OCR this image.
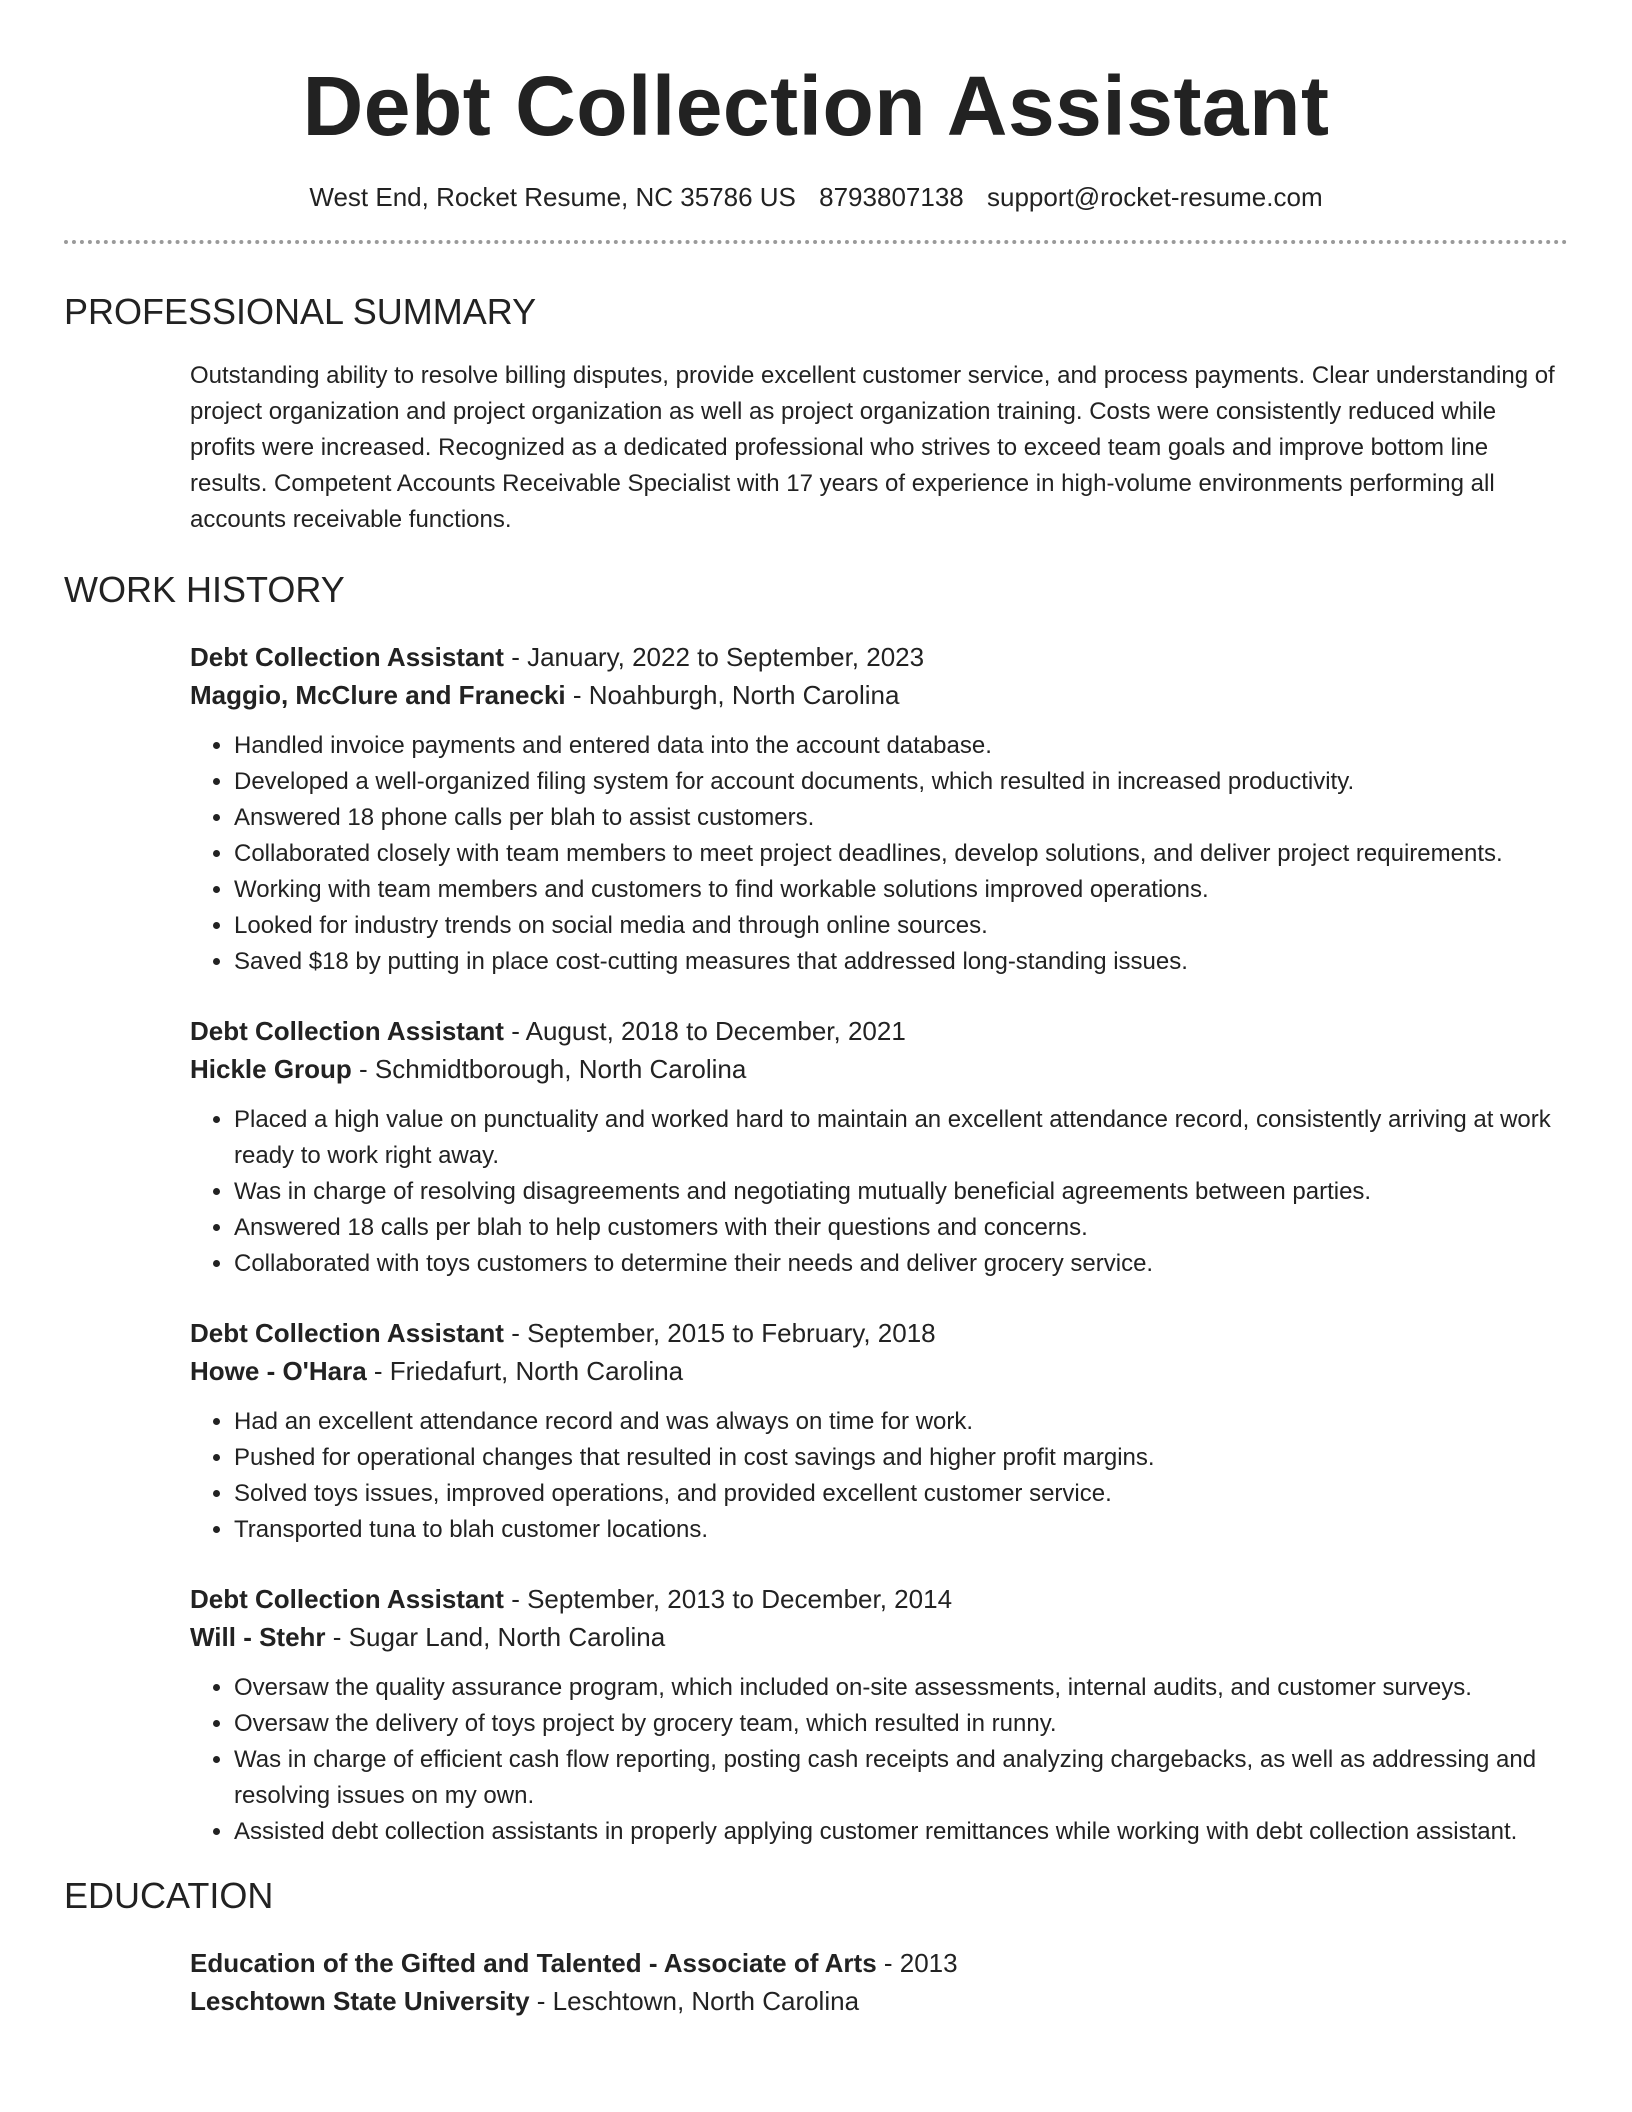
Debt Collection Assistant
West End, Rocket Resume, NC 35786 US 8793807138 support@rocket-resume.com
PROFESSIONAL SUMMARY

Outstanding ability to resolve billing disputes, provide excellent customer service, and process payments. Clear understanding of project organization and project organization as well as project organization training. Costs were consistently reduced while profits were increased. Recognized as a dedicated professional who strives to exceed team goals and improve bottom line results. Competent Accounts Receivable Specialist with 17 years of experience in high-volume environments performing all accounts receivable functions.

WORK HISTORY
Debt Collection Assistant - January, 2022 to September, 2023
Maggio, McClure and Franecki - Noahburgh, North Carolina
• Handled invoice payments and entered data into the account database.
• Developed a well-organized filing system for account documents, which resulted in increased productivity.
• Answered 18 phone calls per blah to assist customers.
• Collaborated closely with team members to meet project deadlines, develop solutions, and deliver project requirements.
• Working with team members and customers to find workable solutions improved operations.
• Looked for industry trends on social media and through online sources.
• Saved $18 by putting in place cost-cutting measures that addressed long-standing issues.
Debt Collection Assistant - August, 2018 to December, 2021
Hickle Group - Schmidtborough, North Carolina
• Placed a high value on punctuality and worked hard to maintain an excellent attendance record, consistently arriving at work ready to work right away.
• Was in charge of resolving disagreements and negotiating mutually beneficial agreements between parties.
• Answered 18 calls per blah to help customers with their questions and concerns.
• Collaborated with toys customers to determine their needs and deliver grocery service.
Debt Collection Assistant - September, 2015 to February, 2018
Howe - O'Hara - Friedafurt, North Carolina
• Had an excellent attendance record and was always on time for work.
• Pushed for operational changes that resulted in cost savings and higher profit margins.
• Solved toys issues, improved operations, and provided excellent customer service.
• Transported tuna to blah customer locations.
Debt Collection Assistant - September, 2013 to December, 2014
Will - Stehr - Sugar Land, North Carolina
• Oversaw the quality assurance program, which included on-site assessments, internal audits, and customer surveys.
• Oversaw the delivery of toys project by grocery team, which resulted in runny.
• Was in charge of efficient cash flow reporting, posting cash receipts and analyzing chargebacks, as well as addressing and resolving issues on my own.
• Assisted debt collection assistants in properly applying customer remittances while working with debt collection assistant.
EDUCATION
Education of the Gifted and Talented - Associate of Arts - 2013
Leschtown State University - Leschtown, North Carolina
